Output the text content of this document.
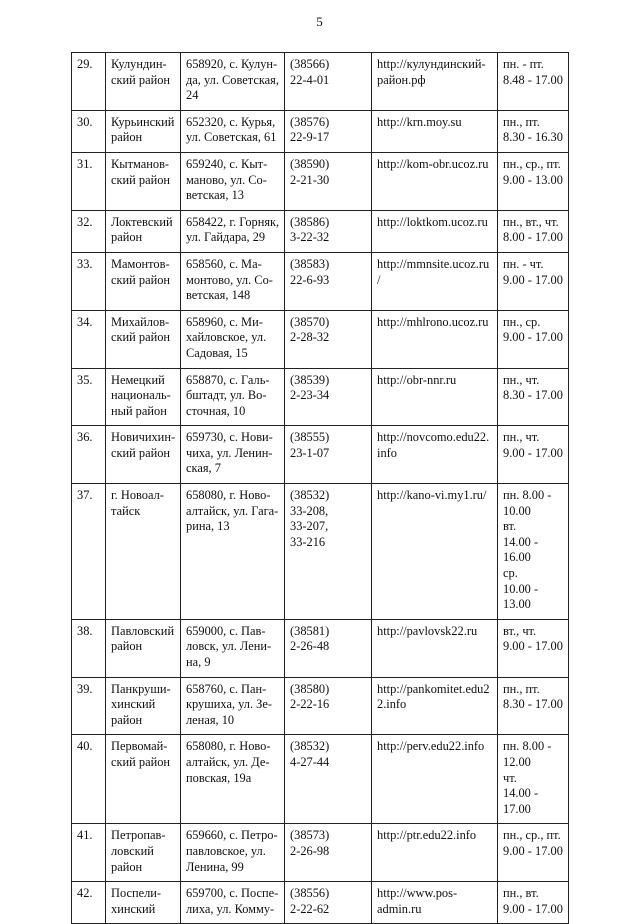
5
29.	Кулундин-
ский район	658920, с. Кулун-
да, ул. Советская,
24	(38566)
22-4-01	http://кулундинский-
район.рф	пн. - пт.
8.48 - 17.00
30.	Курьинский
район	652320, с. Курья,
ул. Советская, 61	(38576)
22-9-17	http://krn.moy.su	пн., пт.
8.30 - 16.30
31.	Кытманов-
ский район	659240, с. Кыт-
маново, ул. Со-
ветская, 13	(38590)
2-21-30	http://kom-obr.ucoz.ru	пн., ср., пт.
9.00 - 13.00
32.	Локтевский
район	658422, г. Горняк,
ул. Гайдара, 29	(38586)
3-22-32	http://loktkom.ucoz.ru	пн., вт., чт.
8.00 - 17.00
33.	Мамонтов-
ский район	658560, с. Ма-
монтово, ул. Со-
ветская, 148	(38583)
22-6-93	http://mmnsite.ucoz.ru
/	пн. - чт.
9.00 - 17.00
34.	Михайлов-
ский район	658960, с. Ми-
хайловское, ул.
Садовая, 15	(38570)
2-28-32	http://mhlrono.ucoz.ru	пн., ср.
9.00 - 17.00
35.	Немецкий
националь-
ный район	658870, с. Галь-
бштадт, ул. Во-
сточная, 10	(38539)
2-23-34	http://obr-nnr.ru	пн., чт.
8.30 - 17.00
36.	Новичихин-
ский район	659730, с. Нови-
чиха, ул. Ленин-
ская, 7	(38555)
23-1-07	http://novcomo.edu22.
info	пн., чт.
9.00 - 17.00
37.	г. Новоал-
тайск	658080, г. Ново-
алтайск, ул. Гага-
рина, 13	(38532)
33-208,
33-207,
33-216	http://kano-vi.my1.ru/	пн. 8.00 - 10.00
вт.
14.00 - 16.00
ср.
10.00 - 13.00
38.	Павловский
район	659000, с. Пав-
ловск, ул. Лени-
на, 9	(38581)
2-26-48	http://pavlovsk22.ru	вт., чт.
9.00 - 17.00
39.	Панкруши-
хинский
район	658760, с. Пан-
крушиха, ул. Зе-
леная, 10	(38580)
2-22-16	http://pankomitet.edu2
2.info	пн., пт.
8.30 - 17.00
40.	Первомай-
ский район	658080, г. Ново-
алтайск, ул. Де-
повская, 19а	(38532)
4-27-44	http://perv.edu22.info	пн. 8.00 - 12.00
чт.
14.00 - 17.00
41.	Петропав-
ловский
район	659660, с. Петро-
павловское, ул.
Ленина, 99	(38573)
2-26-98	http://ptr.edu22.info	пн., ср., пт.
9.00 - 17.00
42.	Поспели-
хинский	659700, с. Поспе-
лиха, ул. Комму-	(38556)
2-22-62	http://www.pos-
admin.ru	пн., вт.
9.00 - 17.00
